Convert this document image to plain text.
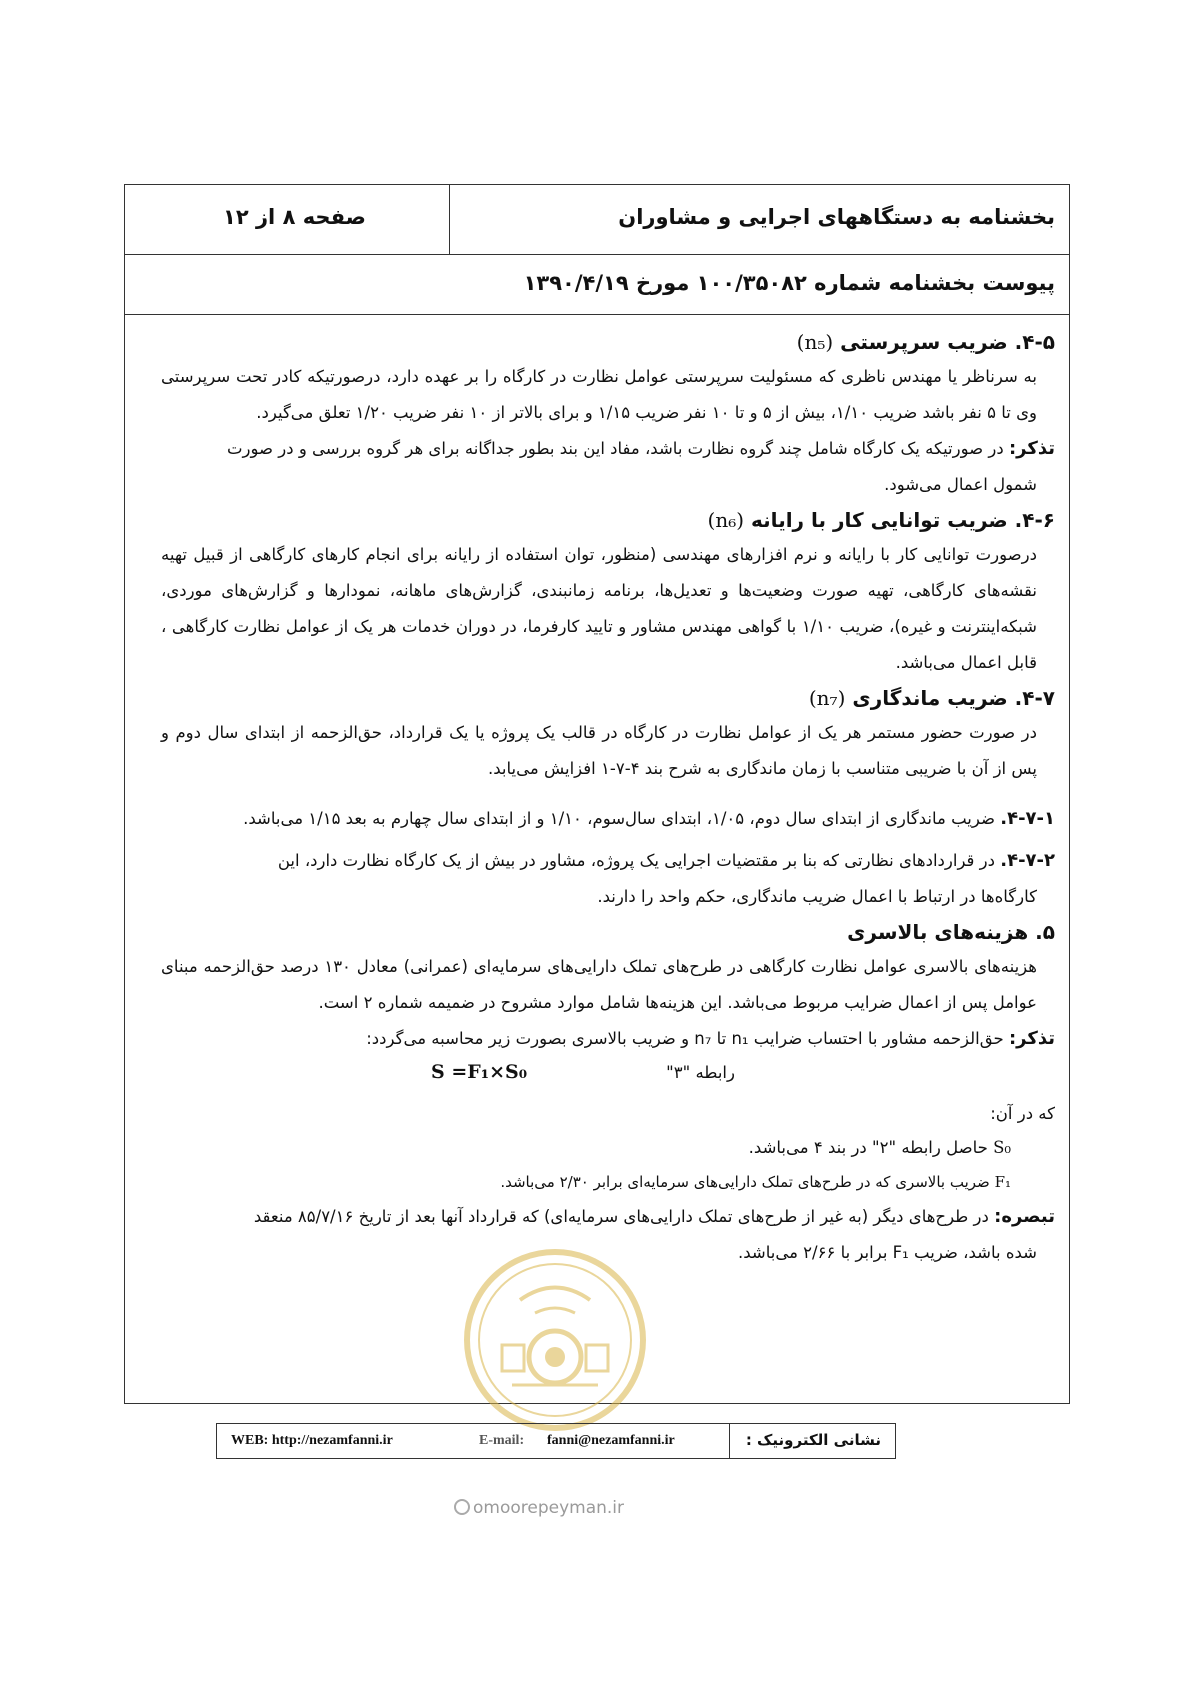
بخشنامه به دستگاههای اجرایی و مشاوران
صفحه ۸ از ۱۲
پیوست بخشنامه شماره ۱۰۰/۳۵۰۸۲ مورخ ۱۳۹۰/۴/۱۹

۴-۵. ضریب سرپرستی (n₅)

به سرناظر یا مهندس ناظری که مسئولیت سرپرستی عوامل نظارت در کارگاه را بر عهده دارد، درصورتیکه کادر تحت سرپرستی وی تا ۵ نفر باشد ضریب ۱/۱۰، بیش از ۵ و تا ۱۰ نفر ضریب ۱/۱۵ و برای بالاتر از ۱۰ نفر ضریب ۱/۲۰ تعلق می‌گیرد.

تذکر: در صورتیکه یک کارگاه شامل چند گروه نظارت باشد، مفاد این بند بطور جداگانه برای هر گروه بررسی و در صورت
شمول اعمال می‌شود.

۴-۶. ضریب توانایی کار با رایانه (n₆)

درصورت توانایی کار با رایانه و نرم افزارهای مهندسی (منظور، توان استفاده از رایانه برای انجام کارهای کارگاهی از قبیل تهیه نقشه‌های کارگاهی، تهیه صورت وضعیت‌ها و تعدیل‌ها، برنامه زمانبندی، گزارش‌های ماهانه، نمودارها و گزارش‌های موردی، شبکه‌اینترنت و غیره)، ضریب ۱/۱۰ با گواهی مهندس مشاور و تایید کارفرما، در دوران خدمات هر یک از عوامل نظارت کارگاهی ، قابل اعمال می‌باشد.

۴-۷. ضریب ماندگاری (n₇)

در صورت حضور مستمر هر یک از عوامل نظارت در کارگاه در قالب یک پروژه یا یک قرارداد، حق‌الزحمه از ابتدای سال دوم و پس از آن با ضریبی متناسب با زمان ماندگاری به شرح بند ۴-۷-۱ افزایش می‌یابد.

۴-۷-۱. ضریب ماندگاری از ابتدای سال دوم، ۱/۰۵، ابتدای سال‌سوم، ۱/۱۰ و از ابتدای سال چهارم به بعد ۱/۱۵ می‌باشد.

۴-۷-۲. در قراردادهای نظارتی که بنا بر مقتضیات اجرایی یک پروژه، مشاور در بیش از یک کارگاه نظارت دارد، این
کارگاه‌ها در ارتباط با اعمال ضریب ماندگاری، حکم واحد را دارند.

۵. هزینه‌های بالاسری

هزینه‌های بالاسری عوامل نظارت کارگاهی در طرح‌های تملک دارایی‌های سرمایه‌ای (عمرانی) معادل ۱۳۰ درصد حق‌الزحمه مبنای عوامل پس از اعمال ضرایب مربوط می‌باشد. این هزینه‌ها شامل موارد مشروح در ضمیمه شماره ۲ است.

تذکر: حق‌الزحمه مشاور با احتساب ضرایب n₁ تا n₇ و ضریب بالاسری بصورت زیر محاسبه می‌گردد:

رابطه "۳"
S =F₁×S₀

که در آن:

S₀ حاصل رابطه "۲" در بند ۴ می‌باشد.

F₁ ضریب بالاسری که در طرح‌های تملک دارایی‌های سرمایه‌ای برابر ۲/۳۰ می‌باشد.

تبصره: در طرح‌های دیگر (به غیر از طرح‌های تملک دارایی‌های سرمایه‌ای) که قرارداد آنها بعد از تاریخ ۸۵/۷/۱۶ منعقد
شده باشد، ضریب F₁ برابر با ۲/۶۶ می‌باشد.

WEB: http://nezamfanni.ir	E-mail: fanni@nezamfanni.ir	نشانی الکترونیک :
omoorepeyman.ir
